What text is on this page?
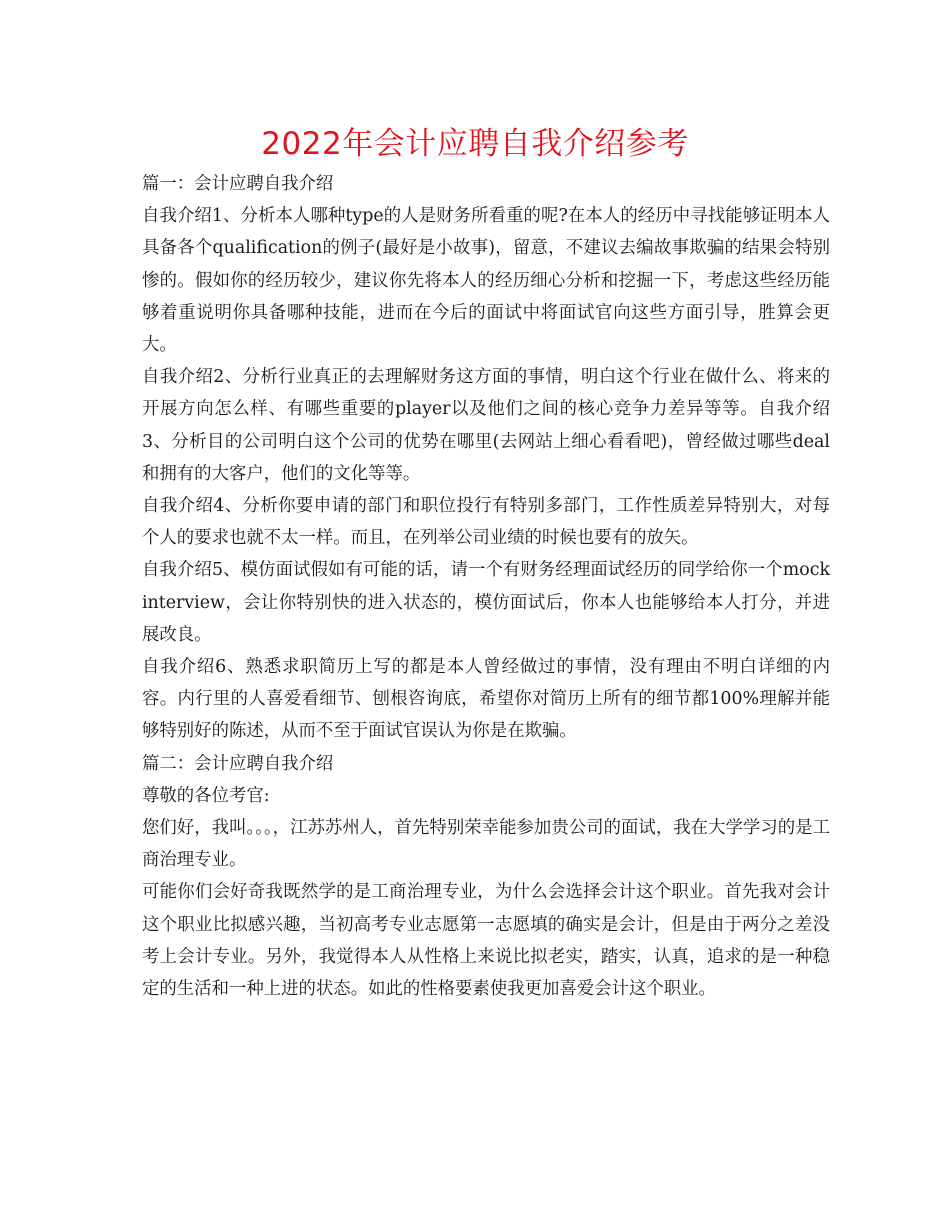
2022年会计应聘自我介绍参考

篇一：会计应聘自我介绍

自我介绍1、分析本人哪种type的人是财务所看重的呢?在本人的经历中寻找能够证明本人具备各个qualification的例子(最好是小故事)，留意，不建议去编故事欺骗的结果会特别惨的。假如你的经历较少，建议你先将本人的经历细心分析和挖掘一下，考虑这些经历能够着重说明你具备哪种技能，进而在今后的面试中将面试官向这些方面引导，胜算会更大。

自我介绍2、分析行业真正的去理解财务这方面的事情，明白这个行业在做什么、将来的开展方向怎么样、有哪些重要的player以及他们之间的核心竞争力差异等等。自我介绍3、分析目的公司明白这个公司的优势在哪里(去网站上细心看看吧)，曾经做过哪些deal和拥有的大客户，他们的文化等等。

自我介绍4、分析你要申请的部门和职位投行有特别多部门，工作性质差异特别大，对每个人的要求也就不太一样。而且，在列举公司业绩的时候也要有的放矢。

自我介绍5、模仿面试假如有可能的话，请一个有财务经理面试经历的同学给你一个mockinterview，会让你特别快的进入状态的，模仿面试后，你本人也能够给本人打分，并进展改良。

自我介绍6、熟悉求职简历上写的都是本人曾经做过的事情，没有理由不明白详细的内容。内行里的人喜爱看细节、刨根咨询底，希望你对简历上所有的细节都100%理解并能够特别好的陈述，从而不至于面试官误认为你是在欺骗。

篇二：会计应聘自我介绍

尊敬的各位考官:

您们好，我叫。。。，江苏苏州人，首先特别荣幸能参加贵公司的面试，我在大学学习的是工商治理专业。

可能你们会好奇我既然学的是工商治理专业，为什么会选择会计这个职业。首先我对会计这个职业比拟感兴趣，当初高考专业志愿第一志愿填的确实是会计，但是由于两分之差没考上会计专业。另外，我觉得本人从性格上来说比拟老实，踏实，认真，追求的是一种稳定的生活和一种上进的状态。如此的性格要素使我更加喜爱会计这个职业。
